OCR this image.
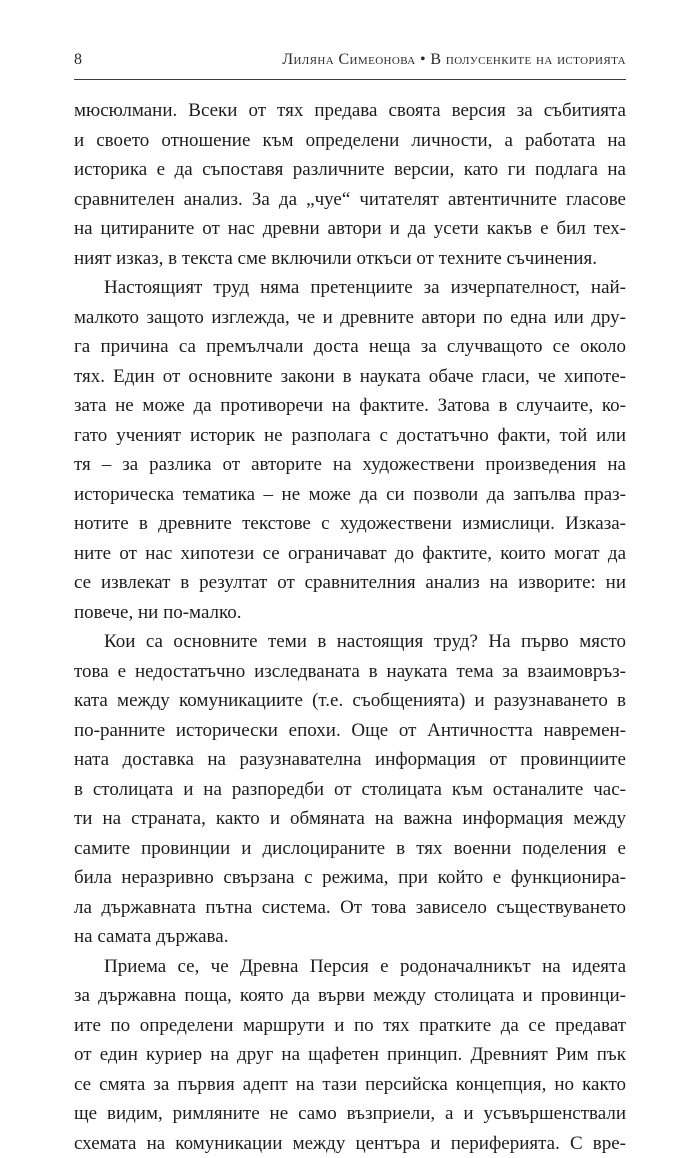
8	Лиляна Симеонова • В полусенките на историята
мюсюлмани. Всеки от тях предава своята версия за събитията
и своето отношение към определени личности, а работата на
историка е да съпоставя различните версии, като ги подлага на
сравнителен анализ. За да „чуе“ читателят автентичните гласове
на цитираните от нас древни автори и да усети какъв е бил тех-
ният изказ, в текста сме включили откъси от техните съчинения.
Настоящият труд няма претенциите за изчерпателност, най-
малкото защото изглежда, че и древните автори по една или дру-
га причина са премълчали доста неща за случващото се около
тях. Един от основните закони в науката обаче гласи, че хипоте-
зата не може да противоречи на фактите. Затова в случаите, ко-
гато ученият историк не разполага с достатъчно факти, той или
тя – за разлика от авторите на художествени произведения на
историческа тематика – не може да си позволи да запълва праз-
нотите в древните текстове с художествени измислици. Изказа-
ните от нас хипотези се ограничават до фактите, които могат да
се извлекат в резултат от сравнителния анализ на изворите: ни
повече, ни по-малко.
Кои са основните теми в настоящия труд? На първо място
това е недостатъчно изследваната в науката тема за взаимовръз-
ката между комуникациите (т.е. съобщенията) и разузнаването в
по-ранните исторически епохи. Още от Античността навремен-
ната доставка на разузнавателна информация от провинциите
в столицата и на разпоредби от столицата към останалите час-
ти на страната, както и обмяната на важна информация между
самите провинции и дислоцираните в тях военни поделения е
била неразривно свързана с режима, при който е функционира-
ла държавната пътна система. От това зависело съществуването
на самата държава.
Приема се, че Древна Персия е родоначалникът на идеята
за държавна поща, която да върви между столицата и провинци-
ите по определени маршрути и по тях пратките да се предават
от един куриер на друг на щафетен принцип. Древният Рим пък
се смята за първия адепт на тази персийска концепция, но както
ще видим, римляните не само възприели, а и усъвършенствали
схемата на комуникации между центъра и периферията. С вре-
